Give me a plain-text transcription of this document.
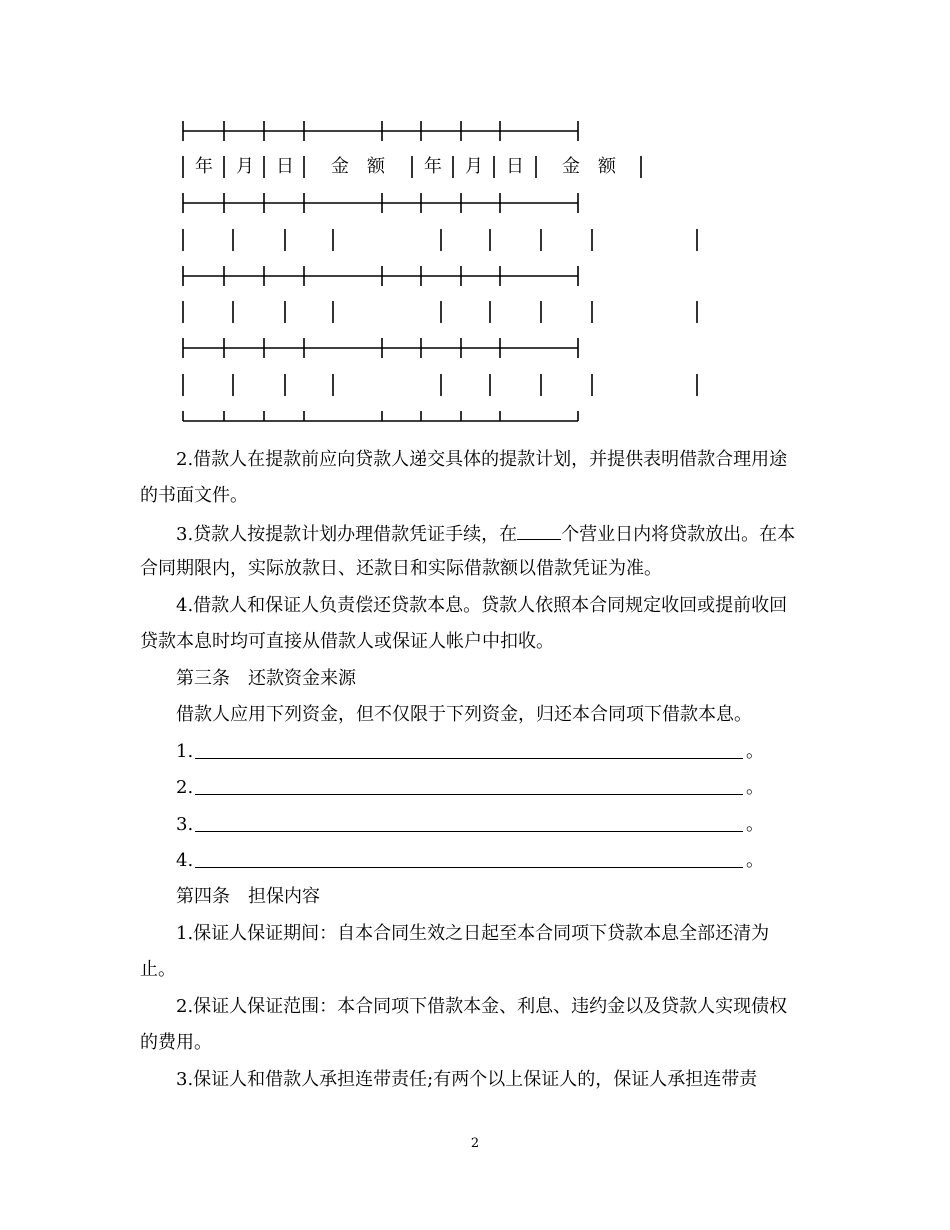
年 月 日 金　额 年 月 日 金　额
2.借款人在提款前应向贷款人递交具体的提款计划，并提供表明借款合理用途
的书面文件。
3.贷款人按提款计划办理借款凭证手续，在 个营业日内将贷款放出。在本
合同期限内，实际放款日、还款日和实际借款额以借款凭证为准。
4.借款人和保证人负责偿还贷款本息。贷款人依照本合同规定收回或提前收回
贷款本息时均可直接从借款人或保证人帐户中扣收。
第三条　还款资金来源
借款人应用下列资金，但不仅限于下列资金，归还本合同项下借款本息。
1.	。
2.	。
3.	。
4.	。
第四条　担保内容
1.保证人保证期间：自本合同生效之日起至本合同项下贷款本息全部还清为
止。
2.保证人保证范围：本合同项下借款本金、利息、违约金以及贷款人实现债权
的费用。
3.保证人和借款人承担连带责任;有两个以上保证人的，保证人承担连带责
2
